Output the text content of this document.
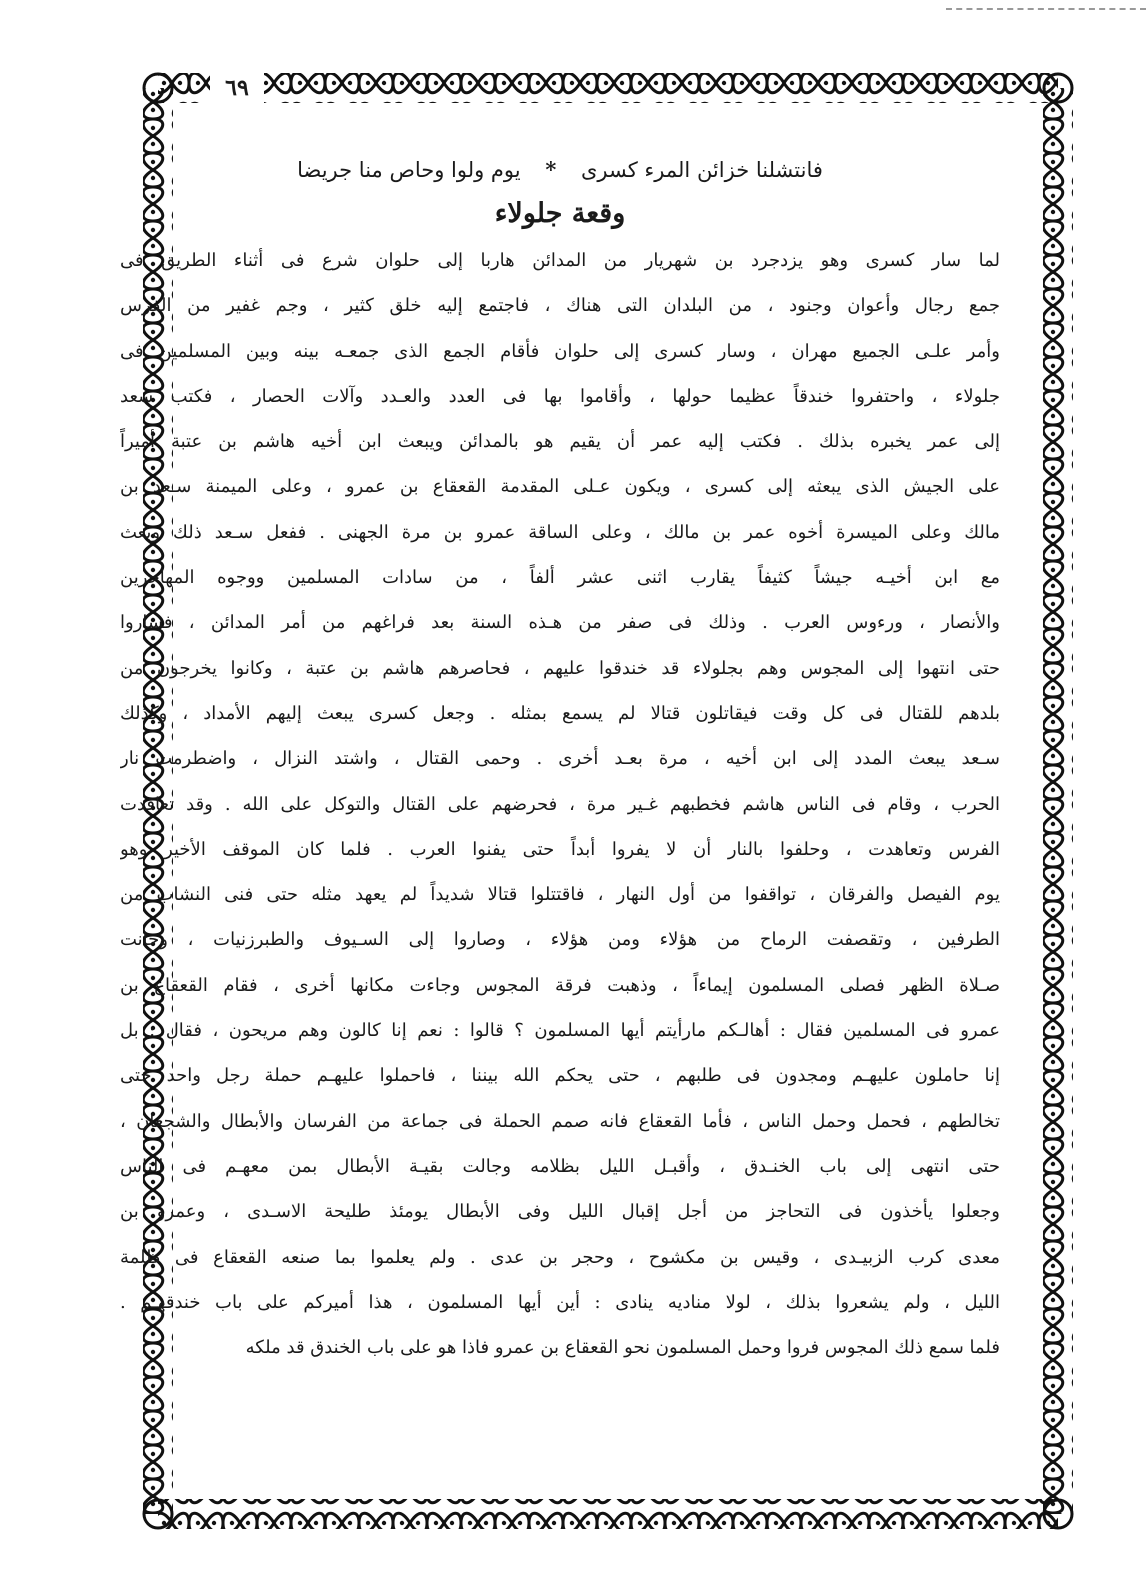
٦٩

فانتشلنا خزائن المرء كسرى * يوم ولوا وحاص منا جريضا

وقعة جلولاء
لما سار كسرى وهو يزدجرد بن شهريار من المدائن هاربا إلى حلوان شرع فى أثناء الطريق فى
جمع رجال وأعوان وجنود ، من البلدان التى هناك ، فاجتمع إليه خلق كثير ، وجم غفير من الفرس
وأمر علـى الجميع مهران ، وسار كسرى إلى حلوان فأقام الجمع الذى جمعـه بينه وبين المسلمين فى
جلولاء ، واحتفروا خندقاً عظيما حولها ، وأقاموا بها فى العدد والعـدد وآلات الحصار ، فكتب سعد
إلى عمر يخبره بذلك . فكتب إليه عمر أن يقيم هو بالمدائن ويبعث ابن أخيه هاشم بن عتبة أميراً
على الجيش الذى يبعثه إلى كسرى ، ويكون عـلى المقدمة القعقاع بن عمرو ، وعلى الميمنة سـعد بن
مالك وعلى الميسرة أخوه عمر بن مالك ، وعلى الساقة عمرو بن مرة الجهنى . ففعل سـعد ذلك وبعث
مع ابن أخيـه جيشاً كثيفاً يقارب اثنى عشر ألفاً ، من سادات المسلمين ووجوه المهاجرين
والأنصار ، ورءوس العرب . وذلك فى صفر من هـذه السنة بعد فراغهم من أمر المدائن ، فساروا
حتى انتهوا إلى المجوس وهم بجلولاء قد خندقوا عليهم ، فحاصرهم هاشم بن عتبة ، وكانوا يخرجون من
بلدهم للقتال فى كل وقت فيقاتلون قتالا لم يسمع بمثله . وجعل كسرى يبعث إليهم الأمداد ، وكذلك
سـعد يبعث المدد إلى ابن أخيه ، مرة بعـد أخرى . وحمى القتال ، واشتد النزال ، واضطرمت نار
الحرب ، وقام فى الناس هاشم فخطبهم غـير مرة ، فحرضهم على القتال والتوكل على الله . وقد تعاقدت
الفرس وتعاهدت ، وحلفوا بالنار أن لا يفروا أبداً حتى يفنوا العرب . فلما كان الموقف الأخير وهو
يوم الفيصل والفرقان ، تواقفوا من أول النهار ، فاقتتلوا قتالا شديداً لم يعهد مثله حتى فنى النشاب من
الطرفين ، وتقصفت الرماح من هؤلاء ومن هؤلاء ، وصاروا إلى السـيوف والطبرزنيات ، وحانت
صـلاة الظهر فصلى المسلمون إيماءاً ، وذهبت فرقة المجوس وجاءت مكانها أخرى ، فقام القعقاع بن
عمرو فى المسلمين فقال : أهالـكم مارأيتم أيها المسلمون ؟ قالوا : نعم إنا كالون وهم مريحون ، فقال : بل
إنا حاملون عليهـم ومجدون فى طلبهم ، حتى يحكم الله بيننا ، فاحملوا عليهـم حملة رجل واحد حتى
تخالطهم ، فحمل وحمل الناس ، فأما القعقاع فانه صمم الحملة فى جماعة من الفرسان والأبطال والشجعان ،
حتى انتهى إلى باب الخنـدق ، وأقبـل الليل بظلامه وجالت بقيـة الأبطال بمن معهـم فى الناس
وجعلوا يأخذون فى التحاجز من أجل إقبال الليل وفى الأبطال يومئذ طليحة الاسـدى ، وعمرو بن
معدى كرب الزبيـدى ، وقيس بن مكشوح ، وحجر بن عدى . ولم يعلموا بما صنعه القعقاع فى ظلمة
الليل ، ولم يشعروا بذلك ، لولا مناديه ينادى : أين أيها المسلمون ، هذا أميركم على باب خندقهـم .
فلما سمع ذلك المجوس فروا وحمل المسلمون نحو القعقاع بن عمرو فاذا هو على باب الخندق قد ملكه
